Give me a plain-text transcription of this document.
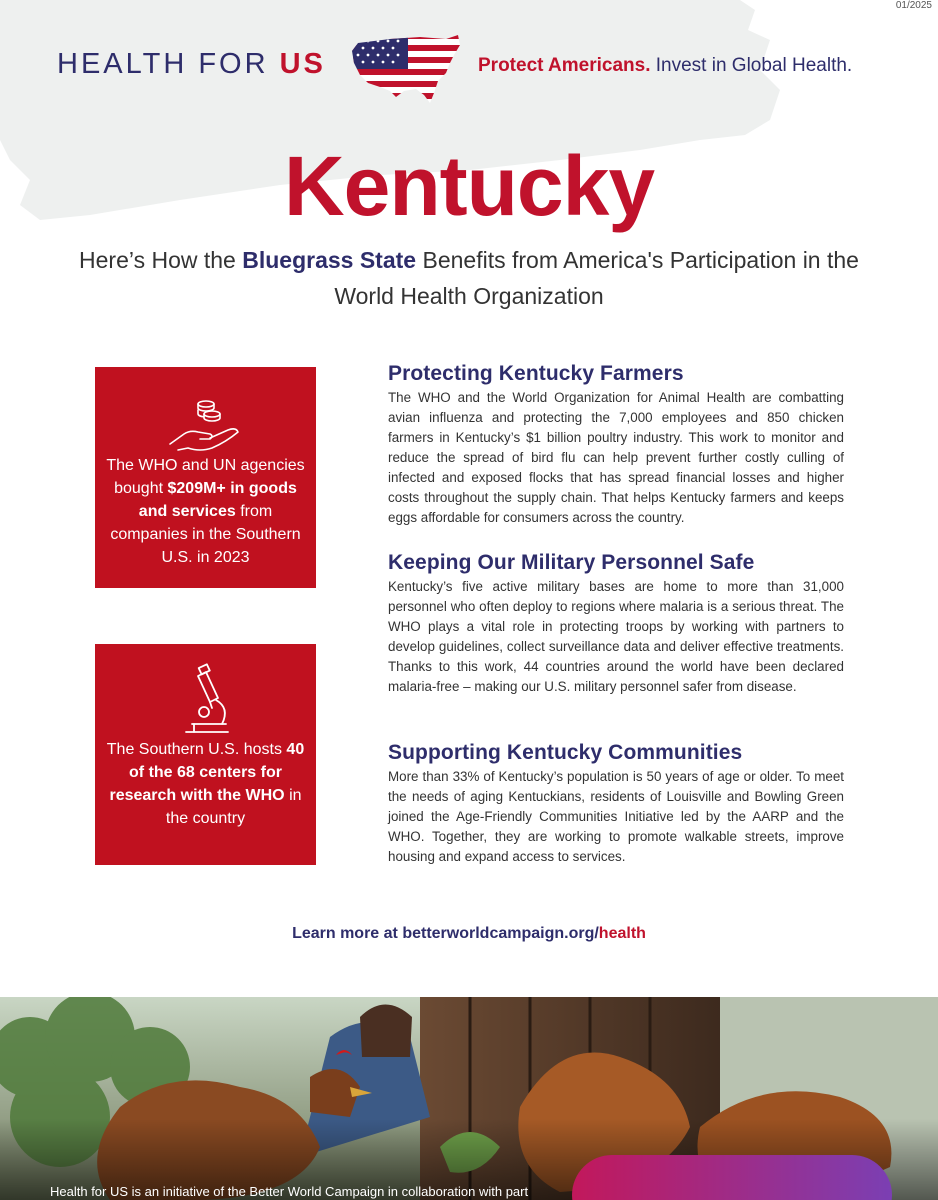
01/2025
HEALTH FOR US	Protect Americans. Invest in Global Health.
Kentucky
Here’s How the Bluegrass State Benefits from America's Participation in the World Health Organization
The WHO and UN agencies bought $209M+ in goods and services from companies in the Southern U.S. in 2023
The Southern U.S. hosts 40 of the 68 centers for research with the WHO in the country
Protecting Kentucky Farmers

The WHO and the World Organization for Animal Health are combatting avian influenza and protecting the 7,000 employees and 850 chicken farmers in Kentucky’s $1 billion poultry industry. This work to monitor and reduce the spread of bird flu can help prevent further costly culling of infected and exposed flocks that has spread financial losses and higher costs throughout the supply chain. That helps Kentucky farmers and keeps eggs affordable for consumers across the country.

Keeping Our Military Personnel Safe

Kentucky’s five active military bases are home to more than 31,000 personnel who often deploy to regions where malaria is a serious threat. The WHO plays a vital role in protecting troops by working with partners to develop guidelines, collect surveillance data and deliver effective treatments. Thanks to this work, 44 countries around the world have been declared malaria-free – making our U.S. military personnel safer from disease.

Supporting Kentucky Communities

More than 33% of Kentucky’s population is 50 years of age or older. To meet the needs of aging Kentuckians, residents of Louisville and Bowling Green joined the Age-Friendly Communities Initiative led by the AARP and the WHO. Together, they are working to promote walkable streets, improve housing and expand access to services.

Learn more at betterworldcampaign.org/health
Health for US is an initiative of the Better World Campaign in collaboration with part
